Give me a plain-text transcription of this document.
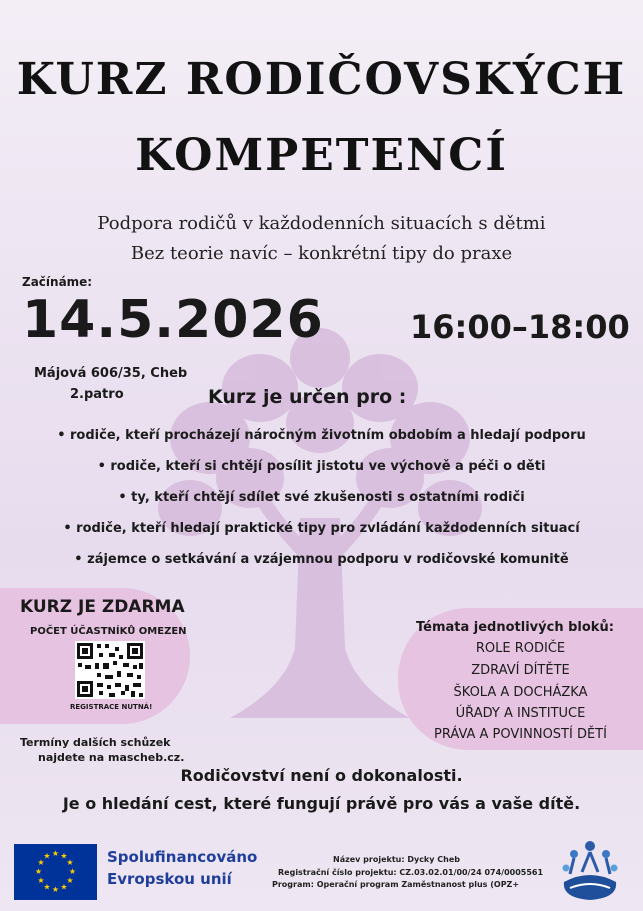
KURZ RODIČOVSKÝCH
KOMPETENCÍ
Podpora rodičů v každodenních situacích s dětmi
Bez teorie navíc – konkrétní tipy do praxe
Začínáme:
14.5.2026	16:00–18:00
Májová 606/35, Cheb
2.patro	Kurz je určen pro :
• rodiče, kteří procházejí náročným životním obdobím a hledají podporu
• rodiče, kteří si chtějí posílit jistotu ve výchově a péči o děti
• ty, kteří chtějí sdílet své zkušenosti s ostatními rodiči
• rodiče, kteří hledají praktické tipy pro zvládání každodenních situací
• zájemce o setkávání a vzájemnou podporu v rodičovské komunitě
KURZ JE ZDARMA
POČET ÚČASTNÍKŮ OMEZEN
REGISTRACE NUTNÁ!
Termíny dalších schůzek
najdete na mascheb.cz.
Témata jednotlivých bloků:
ROLE RODIČE
ZDRAVÍ DÍTĚTE
ŠKOLA A DOCHÁZKA
ÚŘADY A INSTITUCE
PRÁVA A POVINNOSTÍ DĚTÍ
Rodičovství není o dokonalosti.
Je o hledání cest, které fungují právě pro vás a vaše dítě.
★ ★
★
★
★
★
★
★
★
★
★
★	Spolufinancováno
Evropskou unií
Název projektu: Dycky Cheb
Registrační číslo projektu: CZ.03.02.01/00/24 074/0005561
Program: Operační program Zaměstnanost plus (OPZ+
